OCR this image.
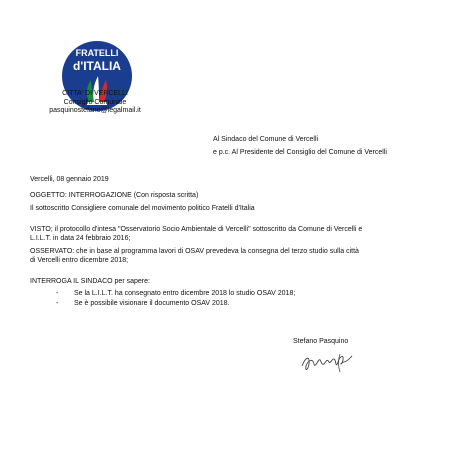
FRATELLI
d'ITALIA
CITTA' DI VERCELLI
Consiglio Comunale
pasquinostefano@legalmail.it
Al Sindaco del Comune di Vercelli
e p.c. Al Presidente del Consiglio del Comune di Vercelli
Vercelli, 08 gennaio 2019
OGGETTO: INTERROGAZIONE (Con risposta scritta)
Il sottoscritto Consigliere comunale del movimento politico Fratelli d'Italia
VISTO; il protocollo d'intesa "Osservatorio Socio Ambientale di Vercelli" sottoscritto da Comune di Vercelli e
L.I.L.T. in data 24 febbraio 2016;
OSSERVATO: che in base al programma lavori di OSAV prevedeva la consegna del terzo studio sulla città
di Vercelli entro dicembre 2018;
INTERROGA IL SINDACO per sapere:
- Se la L.I.L.T. ha consegnato entro dicembre 2018 lo studio OSAV 2018;
- Se è possibile visionare il documento OSAV 2018.
Stefano Pasquino
